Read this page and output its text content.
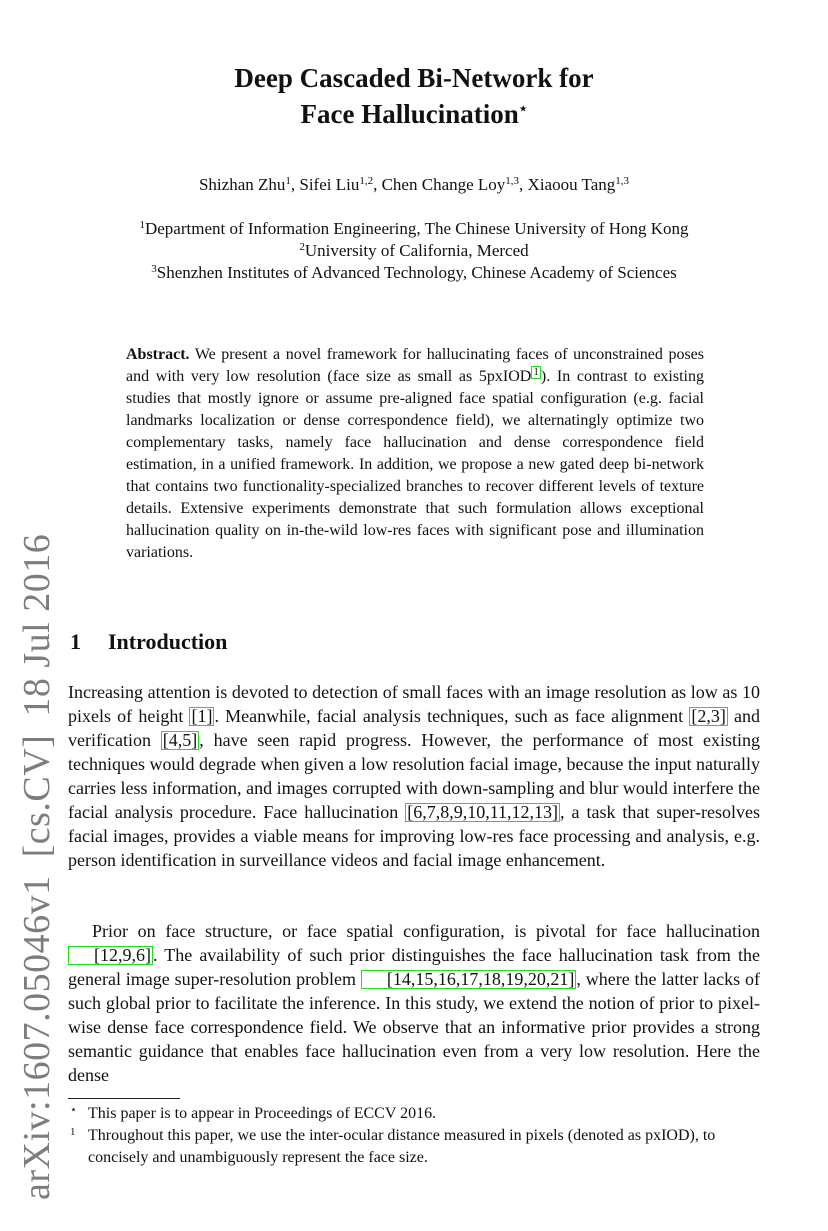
arXiv:1607.05046v1[cs.CV]18 Jul 2016
Deep Cascaded Bi-Network for
Face Hallucination⋆
Shizhan Zhu$^1$, Sifei Liu$^{1,2}$, Chen Change Loy$^{1,3}$, Xiaoou Tang$^{1,3}$
$^1$Department of Information Engineering, The Chinese University of Hong Kong
$^2$University of California, Merced
$^3$Shenzhen Institutes of Advanced Technology, Chinese Academy of Sciences
Abstract. We present a novel framework for hallucinating faces of unconstrained poses and with very low resolution (face size as small as 5pxIOD 1 ). In contrast to existing studies that mostly ignore or assume pre-aligned face spatial configuration (e.g. facial landmarks localization or dense correspondence field), we alternatingly optimize two complementary tasks, namely face hallucination and dense correspondence field estimation, in a unified framework. In addition, we propose a new gated deep bi-network that contains two functionality-specialized branches to recover different levels of texture details. Extensive experiments demonstrate that such formulation allows exceptional hallucination quality on in-the-wild low-res faces with significant pose and illumination variations.
1 Introduction
Increasing attention is devoted to detection of small faces with an image resolution as low as 10 pixels of height [1] . Meanwhile, facial analysis techniques, such as face alignment [2,3] and verification [4,5] , have seen rapid progress. However, the performance of most existing techniques would degrade when given a low resolution facial image, because the input naturally carries less information, and images corrupted with down-sampling and blur would interfere the facial analysis procedure. Face hallucination [6,7,8,9,10,11,12,13] , a task that super-resolves facial images, provides a viable means for improving low-res face processing and analysis, e.g. person identification in surveillance videos and facial image enhancement.
Prior on face structure, or face spatial configuration, is pivotal for face hallucination [12,9,6] . The availability of such prior distinguishes the face hallucination task from the general image super-resolution problem [14,15,16,17,18,19,20,21] , where the latter lacks of such global prior to facilitate the inference. In this study, we extend the notion of prior to pixel-wise dense face correspondence field. We observe that an informative prior provides a strong semantic guidance that enables face hallucination even from a very low resolution. Here the dense
⋆ This paper is to appear in Proceedings of ECCV 2016.
1 Throughout this paper, we use the inter-ocular distance measured in pixels (denoted as pxIOD), to concisely and unambiguously represent the face size.
